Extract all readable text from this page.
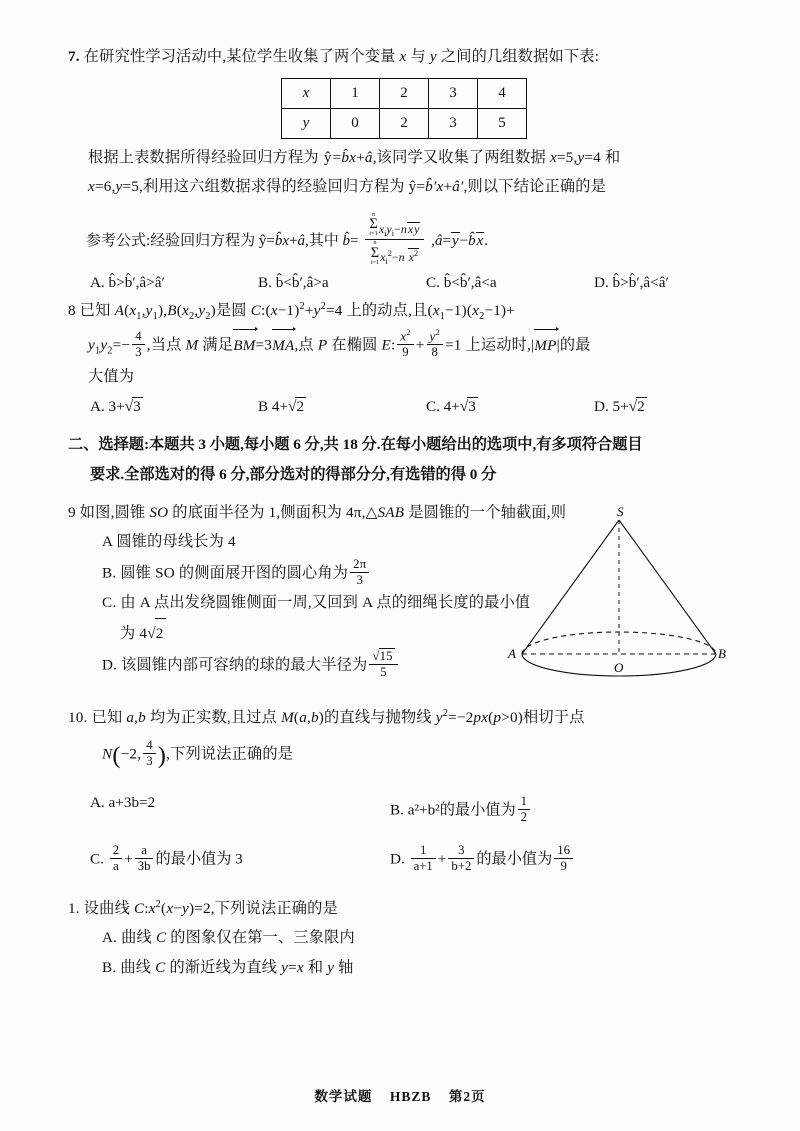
7. 在研究性学习活动中,某位学生收集了两个变量 x 与 y 之间的几组数据如下表:
x	1	2	3	4
y	0	2	3	5
根据上表数据所得经验回归方程为 ŷ=b̂x+â,该同学又收集了两组数据 x=5,y=4 和
x=6,y=5,利用这六组数据求得的经验回归方程为 ŷ=b̂′x+â′,则以下结论正确的是
参考公式:经验回归方程为 ŷ=b̂x+â,其中 b̂=
n
Σ
i=1 $x_iy_i-nx$ y
n
Σ
i=1 $x_i^2-n$ $x^2$
,â=y−b̂x.
A. b̂>b̂′,â>â′	B. b̂<b̂′,â>a	C. b̂<b̂′,â<a	D. b̂>b̂′,â<â′
8 已知 $A(x_1,y_1),B(x_2,y_2)$是圆 $C:(x-1)^2+y^2=4$ 上的动点,且$(x_1-1)(x_2-1)+$
$y_1y_2=- \frac{4}{3}$ ,当点 M 满足BM=3MA,点 P 在椭圆 E: $\frac{x^2}{9} + \frac{y^2}{8} =1$ 上运动时,|MP|的最
大值为
A. 3+√3	B 4+√2	C. 4+√3	D. 5+√2
二、选择题:本题共 3 小题,每小题 6 分,共 18 分.在每小题给出的选项中,有多项符合题目
要求.全部选对的得 6 分,部分选对的得部分分,有选错的得 0 分
9 如图,圆锥 SO 的底面半径为 1,侧面积为 4π,△SAB 是圆锥的一个轴截面,则
A 圆锥的母线长为 4
B. 圆锥 SO 的侧面展开图的圆心角为 $\frac{2\pi}{3}$
C. 由 A 点出发绕圆锥侧面一周,又回到 A 点的细绳长度的最小值
为 4√2
D. 该圆锥内部可容纳的球的最大半径为 $\frac{√15}{5}$
S
A	B
O
10. 已知 a,b 均为正实数,且过点 M(a,b)的直线与抛物线 $y^2=-2px(p>0)$相切于点
N(−2, $\frac{4}{3}$ ),下列说法正确的是
A. a+3b=2	B. a²+b²的最小值为 $\frac{1}{2}$
C. $\frac{2}{a} + \frac{a}{3b}$ 的最小值为 3	D. $\frac{1}{a+1} + \frac{3}{b+2}$ 的最小值为 $\frac{16}{9}$
1. 设曲线 $C:x^2(x-y)=2$,下列说法正确的是
A. 曲线 C 的图象仅在第一、三象限内
B. 曲线 C 的渐近线为直线 y=x 和 y 轴
数学试题 HBZB 第2页
